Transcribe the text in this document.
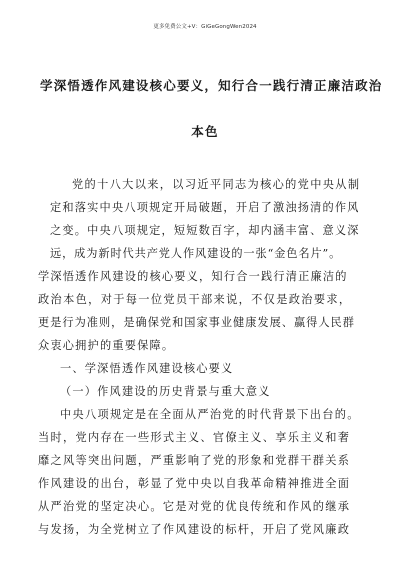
更多免费公文+V：GiGeGongWen2024
学深悟透作风建设核心要义，知行合一践行清正廉洁政治
本色
党的十八大以来，以习近平同志为核心的党中央从制
定和落实中央八项规定开局破题，开启了激浊扬清的作风
之变。中央八项规定，短短数百字，却内涵丰富、意义深
远，成为新时代共产党人作风建设的一张“金色名片”。
学深悟透作风建设的核心要义，知行合一践行清正廉洁的
政治本色，对于每一位党员干部来说，不仅是政治要求，
更是行为准则，是确保党和国家事业健康发展、赢得人民群
众衷心拥护的重要保障。
一、学深悟透作风建设核心要义
（一）作风建设的历史背景与重大意义
中央八项规定是在全面从严治党的时代背景下出台的。
当时，党内存在一些形式主义、官僚主义、享乐主义和奢
靡之风等突出问题，严重影响了党的形象和党群干群关系
作风建设的出台，彰显了党中央以自我革命精神推进全面
从严治党的坚定决心。它是对党的优良传统和作风的继承
与发扬，为全党树立了作风建设的标杆，开启了党风廉政
